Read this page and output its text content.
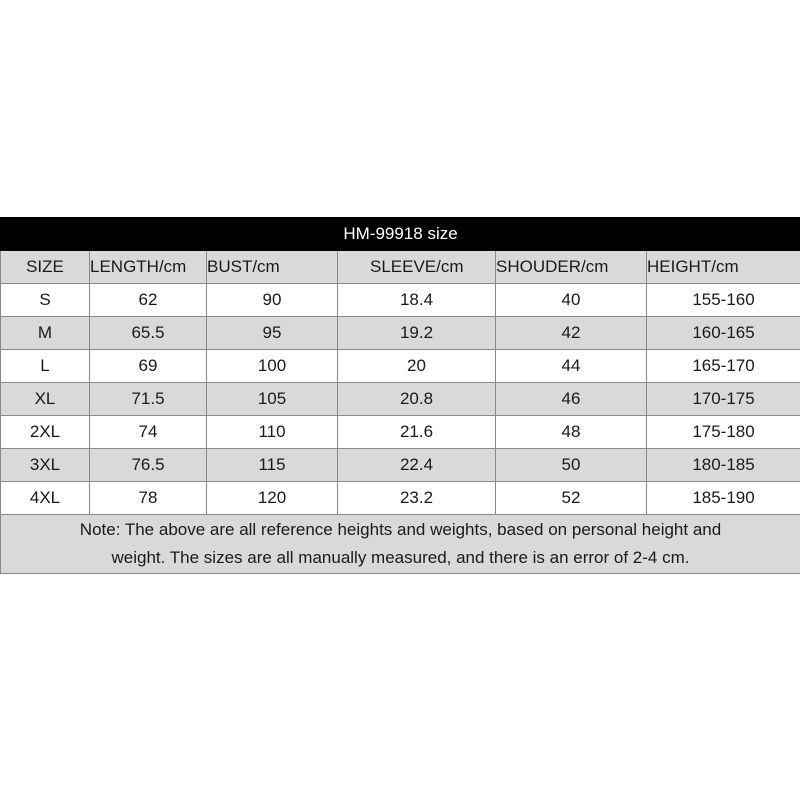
HM-99918 size					
SIZE	LENGTH/cm	BUST/cm	SLEEVE/cm	SHOUDER/cm	HEIGHT/cm
S	62	90	18.4	40	155-160
M	65.5	95	19.2	42	160-165
L	69	100	20	44	165-170
XL	71.5	105	20.8	46	170-175
2XL	74	110	21.6	48	175-180
3XL	76.5	115	22.4	50	180-185
4XL	78	120	23.2	52	185-190

Note: The above are all reference heights and weights, based on personal height and
weight. The sizes are all manually measured, and there is an error of 2-4 cm.					
